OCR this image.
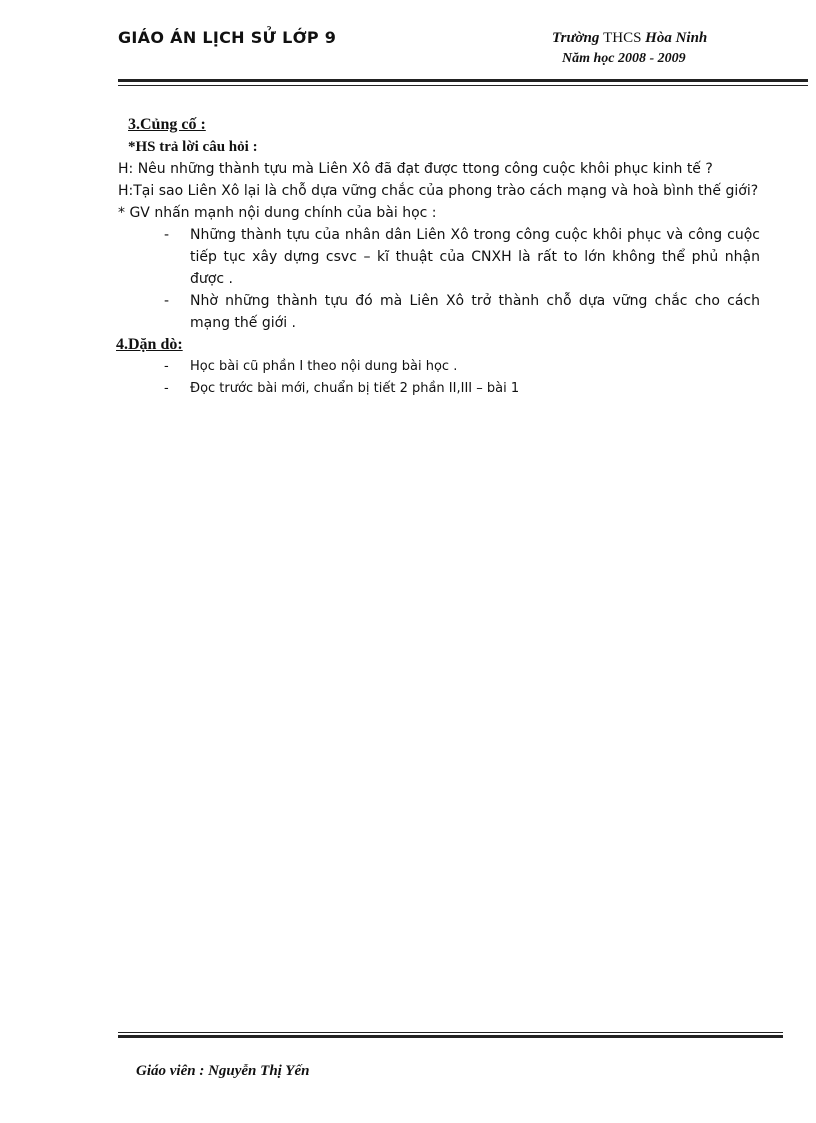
GIÁO ÁN LỊCH SỬ LỚP 9	Trường THCS Hòa Ninh
Năm học 2008 - 2009
3.Củng cố :
*HS trả lời câu hỏi :
H: Nêu những thành tựu mà Liên Xô đã đạt được ttong công cuộc khôi phục kinh tế ?
H:Tại sao Liên Xô lại là chỗ dựa vững chắc của phong trào cách mạng và hoà bình thế giới?
* GV nhấn mạnh nội dung chính của bài học :
- Những thành tựu của nhân dân Liên Xô trong công cuộc khôi phục và công cuộc tiếp tục xây dựng csvc – kĩ thuật của CNXH là rất to lớn không thể phủ nhận được .
- Nhờ những thành tựu đó mà Liên Xô trở thành chỗ dựa vững chắc cho cách mạng thế giới .
4.Dặn dò:
- Học bài cũ phần I theo nội dung bài học .
- Đọc trước bài mới, chuẩn bị tiết 2 phần II,III – bài 1
Giáo viên : Nguyễn Thị Yến
